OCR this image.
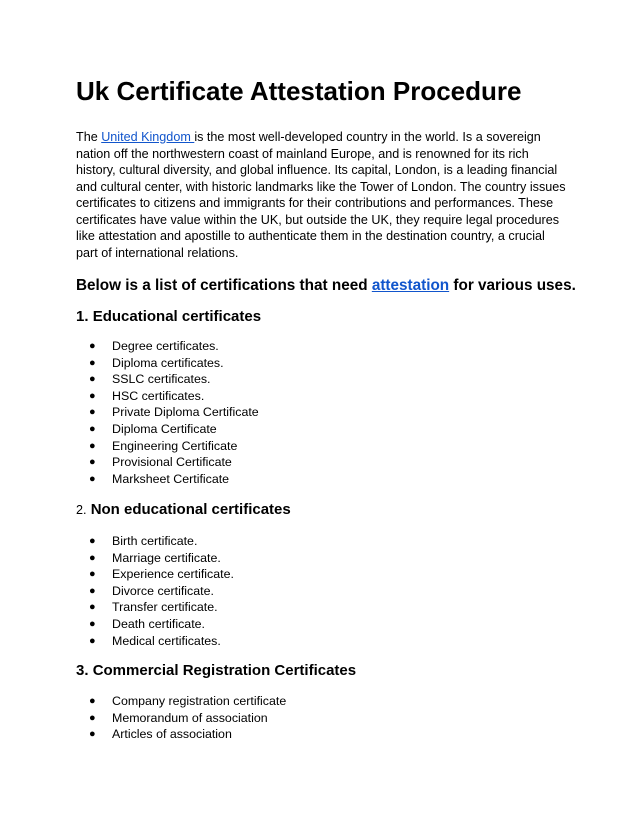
Uk Certificate Attestation Procedure

The United Kingdom is the most well-developed country in the world. Is a sovereign nation off the northwestern coast of mainland Europe, and is renowned for its rich history, cultural diversity, and global influence. Its capital, London, is a leading financial and cultural center, with historic landmarks like the Tower of London. The country issues certificates to citizens and immigrants for their contributions and performances. These certificates have value within the UK, but outside the UK, they require legal procedures like attestation and apostille to authenticate them in the destination country, a crucial part of international relations.

Below is a list of certifications that need attestation for various uses.
1. Educational certificates
● Degree certificates.
● Diploma certificates.
● SSLC certificates.
● HSC certificates.
● Private Diploma Certificate
● Diploma Certificate
● Engineering Certificate
● Provisional Certificate
● Marksheet Certificate
2. Non educational certificates
● Birth certificate.
● Marriage certificate.
● Experience certificate.
● Divorce certificate.
● Transfer certificate.
● Death certificate.
● Medical certificates.
3. Commercial Registration Certificates
● Company registration certificate
● Memorandum of association
● Articles of association
